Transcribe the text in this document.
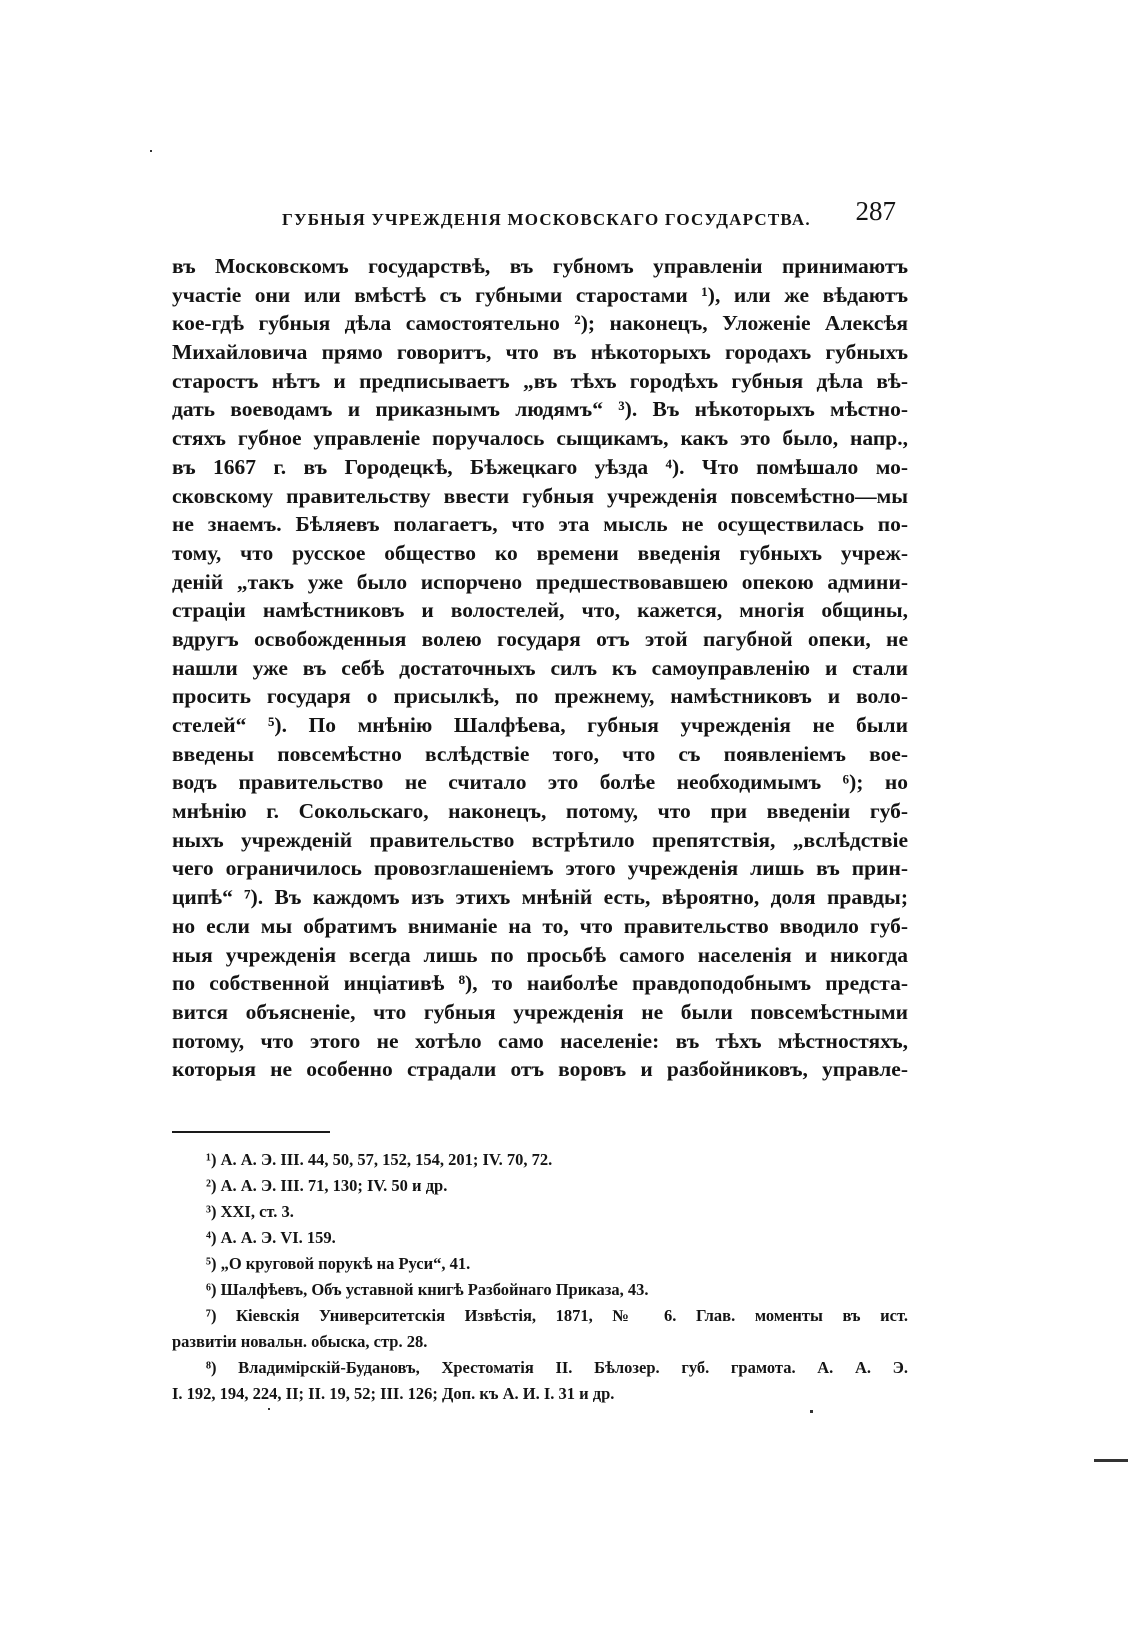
ГУБНЫЯ УЧРЕЖДЕНІЯ МОСКОВСКАГО ГОСУДАРСТВА. 287
въ Московскомъ государствѣ, въ губномъ управленіи принимаютъ
участіе они или вмѣстѣ съ губными старостами ¹), или же вѣдаютъ
кое-гдѣ губныя дѣла самостоятельно ²); наконецъ, Уложеніе Алексѣя
Михайловича прямо говоритъ, что въ нѣкоторыхъ городахъ губныхъ
старостъ нѣтъ и предписываетъ „въ тѣхъ городѣхъ губныя дѣла вѣ-
дать воеводамъ и приказнымъ людямъ“ ³). Въ нѣкоторыхъ мѣстно-
стяхъ губное управленіе поручалось сыщикамъ, какъ это было, напр.,
въ 1667 г. въ Городецкѣ, Бѣжецкаго уѣзда ⁴). Что помѣшало мо-
сковскому правительству ввести губныя учрежденія повсемѣстно—мы
не знаемъ. Бѣляевъ полагаетъ, что эта мысль не осуществилась по-
тому, что русское общество ко времени введенія губныхъ учреж-
деній „такъ уже было испорчено предшествовавшею опекою админи-
страціи намѣстниковъ и волостелей, что, кажется, многія общины,
вдругъ освобожденныя волею государя отъ этой пагубной опеки, не
нашли уже въ себѣ достаточныхъ силъ къ самоуправленію и стали
просить государя о присылкѣ, по прежнему, намѣстниковъ и воло-
стелей“ ⁵). По мнѣнію Шалфѣева, губныя учрежденія не были
введены повсемѣстно вслѣдствіе того, что съ появленіемъ вое-
водъ правительство не считало это болѣе необходимымъ ⁶); но
мнѣнію г. Сокольскаго, наконецъ, потому, что при введеніи губ-
ныхъ учрежденій правительство встрѣтило препятствія, „вслѣдствіе
чего ограничилось провозглашеніемъ этого учрежденія лишь въ прин-
ципѣ“ ⁷). Въ каждомъ изъ этихъ мнѣній есть, вѣроятно, доля правды;
но если мы обратимъ вниманіе на то, что правительство вводило губ-
ныя учрежденія всегда лишь по просьбѣ самого населенія и никогда
по собственной инціативѣ ⁸), то наиболѣе правдоподобнымъ предста-
вится объясненіе, что губныя учрежденія не были повсемѣстными
потому, что этого не хотѣло само населеніе: въ тѣхъ мѣстностяхъ,
которыя не особенно страдали отъ воровъ и разбойниковъ, управле-
¹) А. А. Э. III. 44, 50, 57, 152, 154, 201; IV. 70, 72.
²) А. А. Э. III. 71, 130; IV. 50 и др.
³) XXI, ст. 3.
⁴) А. А. Э. VI. 159.
⁵) „О круговой порукѣ на Руси“, 41.
⁶) Шалфѣевъ, Объ уставной книгѣ Разбойнаго Приказа, 43.
⁷) Кіевскія Университетскія Извѣстія, 1871, № 6. Глав. моменты въ ист.
развитіи новальн. обыска, стр. 28.
⁸) Владимірскій-Будановъ, Хрестоматія II. Бѣлозер. губ. грамота. А. А. Э.
I. 192, 194, 224, II; II. 19, 52; III. 126; Доп. къ А. И. I. 31 и др.
